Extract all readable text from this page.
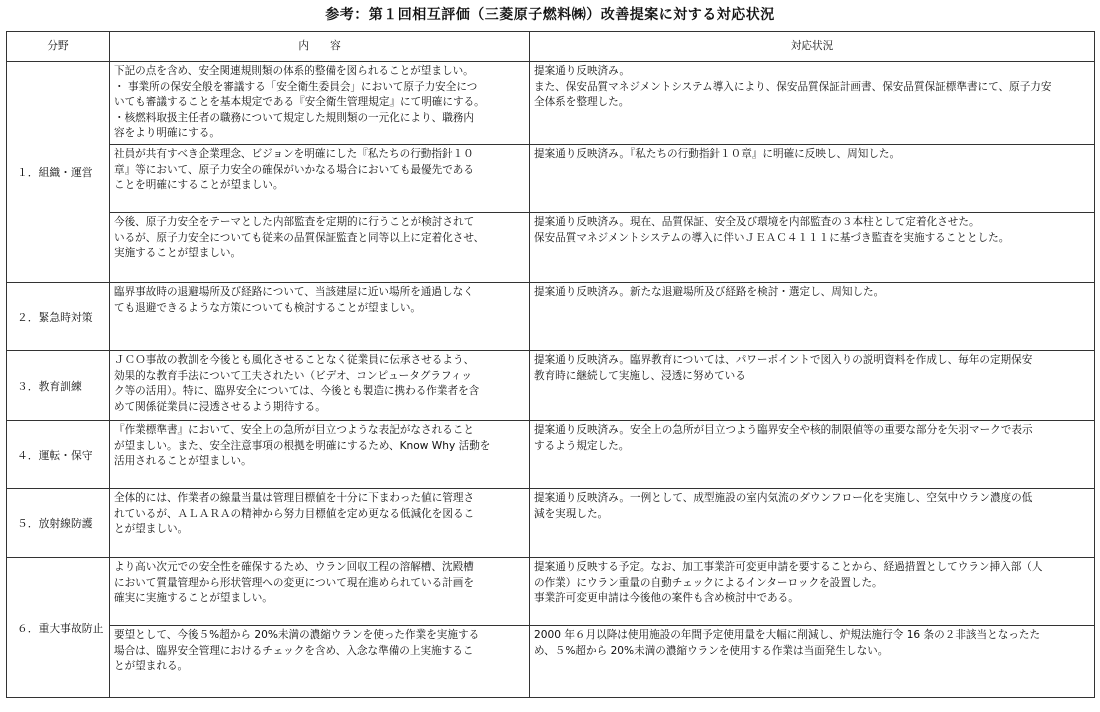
参考：第１回相互評価（三菱原子燃料㈱）改善提案に対する対応状況
分野	内　　容	対応状況
１．組織・運営	下記の点を含め、安全関連規則類の体系的整備を図られることが望ましい。
・ 事業所の保安全般を審議する「安全衛生委員会」において原子力安全につ
いても審議することを基本規定である『安全衛生管理規定』にて明確にする。
・核燃料取扱主任者の職務について規定した規則類の一元化により、職務内
容をより明確にする。	提案通り反映済み。
また、保安品質マネジメントシステム導入により、保安品質保証計画書、保安品質保証標準書にて、原子力安
全体系を整理した。
	社員が共有すべき企業理念、ビジョンを明確にした『私たちの行動指針１０
章』等において、原子力安全の確保がいかなる場合においても最優先である
ことを明確にすることが望ましい。	提案通り反映済み。『私たちの行動指針１０章』に明確に反映し、周知した。
	今後、原子力安全をテーマとした内部監査を定期的に行うことが検討されて
いるが、原子力安全についても従来の品質保証監査と同等以上に定着化させ、
実施することが望ましい。	提案通り反映済み。現在、品質保証、安全及び環境を内部監査の３本柱として定着化させた。
保安品質マネジメントシステムの導入に伴いＪＥＡＣ４１１１に基づき監査を実施することとした。
２．緊急時対策	臨界事故時の退避場所及び経路について、当該建屋に近い場所を通過しなく
ても退避できるような方策についても検討することが望ましい。	提案通り反映済み。新たな退避場所及び経路を検討・選定し、周知した。
３．教育訓練	ＪＣＯ事故の教訓を今後とも風化させることなく従業員に伝承させるよう、
効果的な教育手法について工夫されたい（ビデオ、コンピュータグラフィッ
ク等の活用）。特に、臨界安全については、今後とも製造に携わる作業者を含
めて関係従業員に浸透させるよう期待する。	提案通り反映済み。臨界教育については、パワーポイントで図入りの説明資料を作成し、毎年の定期保安
教育時に継続して実施し、浸透に努めている
４．運転・保守	『作業標準書』において、安全上の急所が目立つような表記がなされること
が望ましい。また、安全注意事項の根拠を明確にするため、Know Why 活動を
活用されることが望ましい。	提案通り反映済み。安全上の急所が目立つよう臨界安全や核的制限値等の重要な部分を矢羽マークで表示
するよう規定した。
５．放射線防護	全体的には、作業者の線量当量は管理目標値を十分に下まわった値に管理さ
れているが、ＡＬＡＲＡの精神から努力目標値を定め更なる低減化を図るこ
とが望ましい。	提案通り反映済み。一例として、成型施設の室内気流のダウンフロー化を実施し、空気中ウラン濃度の低
減を実現した。
６．重大事故防止	より高い次元での安全性を確保するため、ウラン回収工程の溶解槽、沈殿槽
において質量管理から形状管理への変更について現在進められている計画を
確実に実施することが望ましい。	提案通り反映する予定。なお、加工事業許可変更申請を要することから、経過措置としてウラン挿入部（人
の作業）にウラン重量の自動チェックによるインターロックを設置した。
事業許可変更申請は今後他の案件も含め検討中である。
	要望として、今後５%超から 20%未満の濃縮ウランを使った作業を実施する
場合は、臨界安全管理におけるチェックを含め、入念な準備の上実施するこ
とが望まれる。	2000 年６月以降は使用施設の年間予定使用量を大幅に削減し、炉規法施行令 16 条の２非該当となったた
め、５%超から 20%未満の濃縮ウランを使用する作業は当面発生しない。
